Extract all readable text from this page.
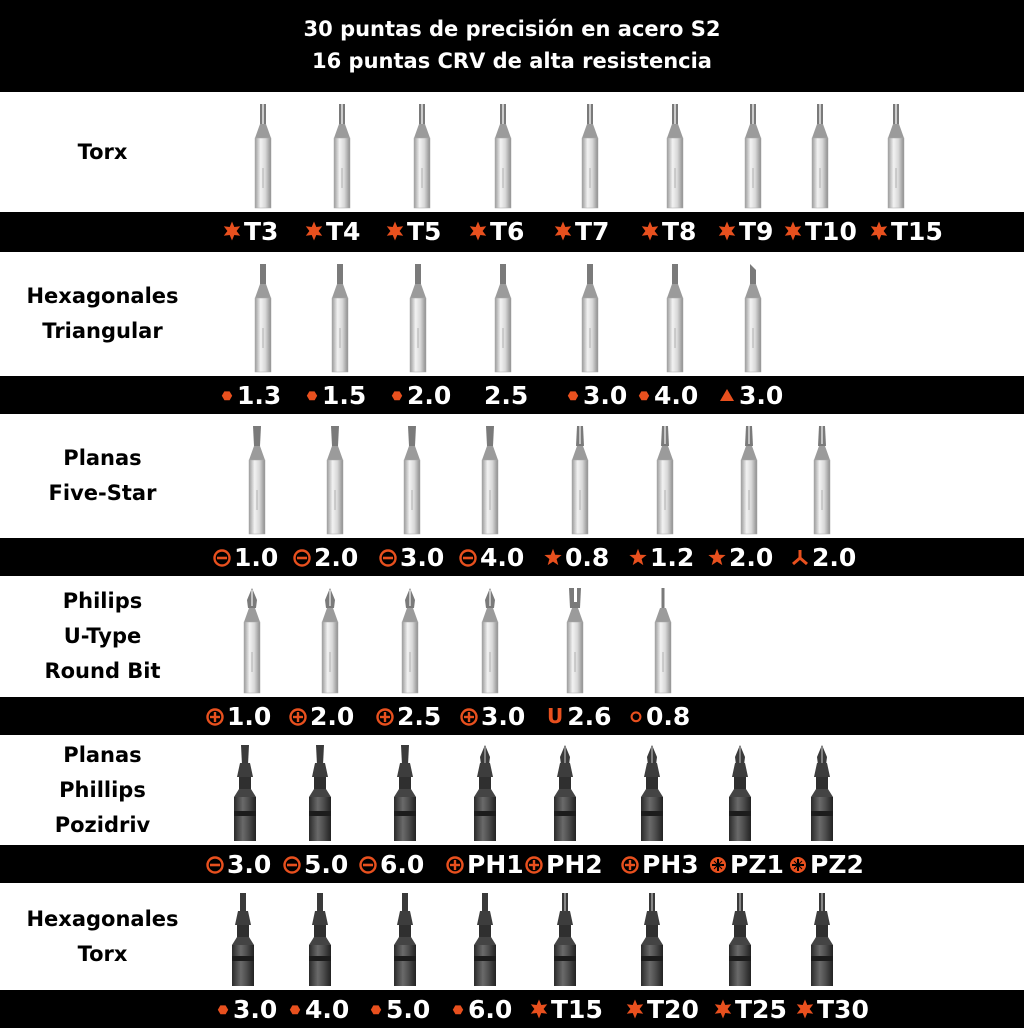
30 puntas de precisión en acero S2
16 puntas CRV de alta resistencia
Torx
T3 T4 T5 T6 T7 T8 T9 T10 T15
Hexagonales
Triangular
1.3 1.5 2.0 2.5 3.0 4.0 3.0
Planas
Five-Star
1.0 2.0 3.0 4.0 0.8 1.2 2.0 2.0
Philips
U-Type
Round Bit
1.0 2.0 2.5 3.0 U 2.6 0.8
Planas
Phillips
Pozidriv
3.0 5.0 6.0 PH1 PH2 PH3 PZ1 PZ2
Hexagonales
Torx
3.0 4.0 5.0 6.0 T15 T20 T25 T30
